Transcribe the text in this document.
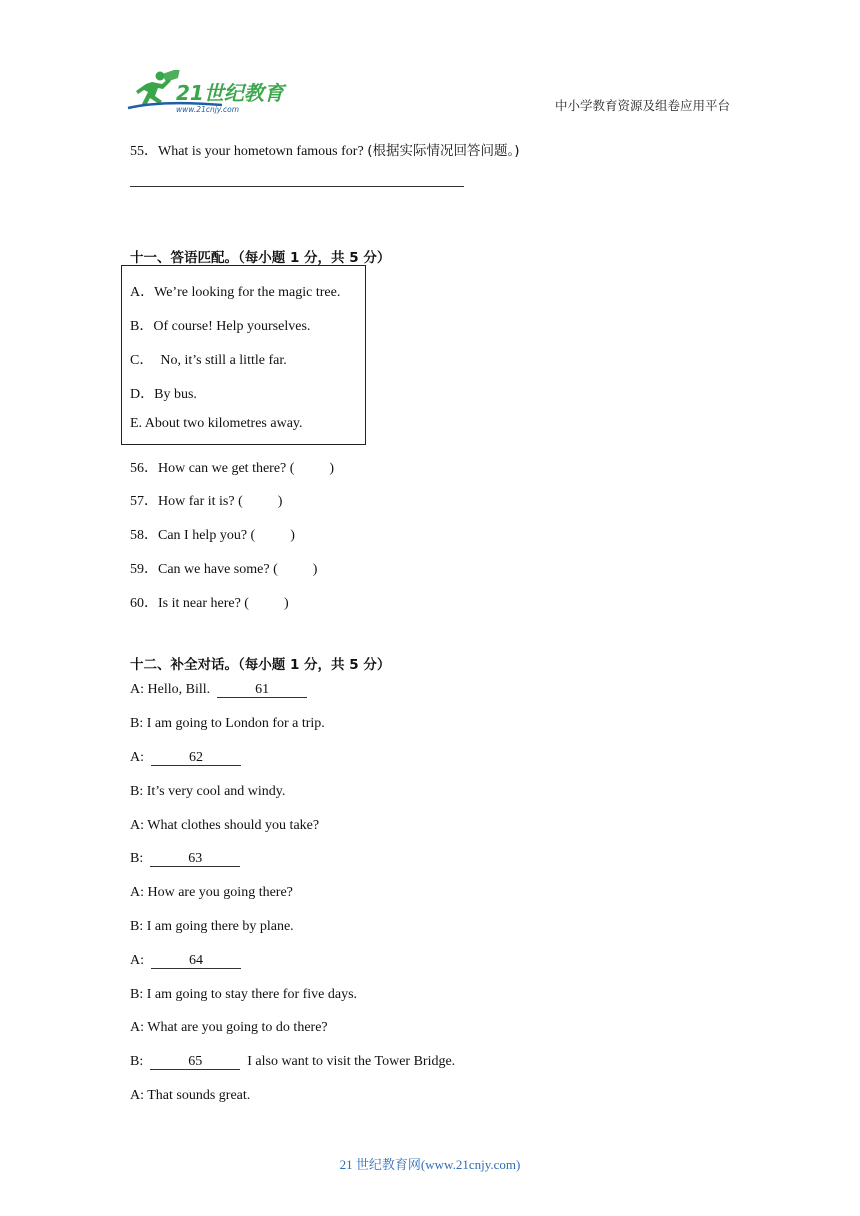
21世纪教育
www.21cnjy.com	中小学教育资源及组卷应用平台
55．What is your hometown famous for? (根据实际情况回答问题。)
十一、答语匹配。（每小题 1 分，共 5 分）
A．We’re looking for the magic tree.
B．Of course! Help yourselves.
C．  No, it’s still a little far.
D．By bus.
E. About two kilometres away.
56．How can we get there? (          )
57．How far it is? (          )
58．Can I help you? (          )
59．Can we have some? (          )
60．Is it near here? (          )
十二、补全对话。（每小题 1 分，共 5 分）
A: Hello, Bill.	61
B: I am going to London for a trip.
A:	62
B: It’s very cool and windy.
A: What clothes should you take?
B:	63
A: How are you going there?
B: I am going there by plane.
A:	64
B: I am going to stay there for five days.
A: What are you going to do there?
B:	65	I also want to visit the Tower Bridge.
A: That sounds great.
21 世纪教育网(www.21cnjy.com)
